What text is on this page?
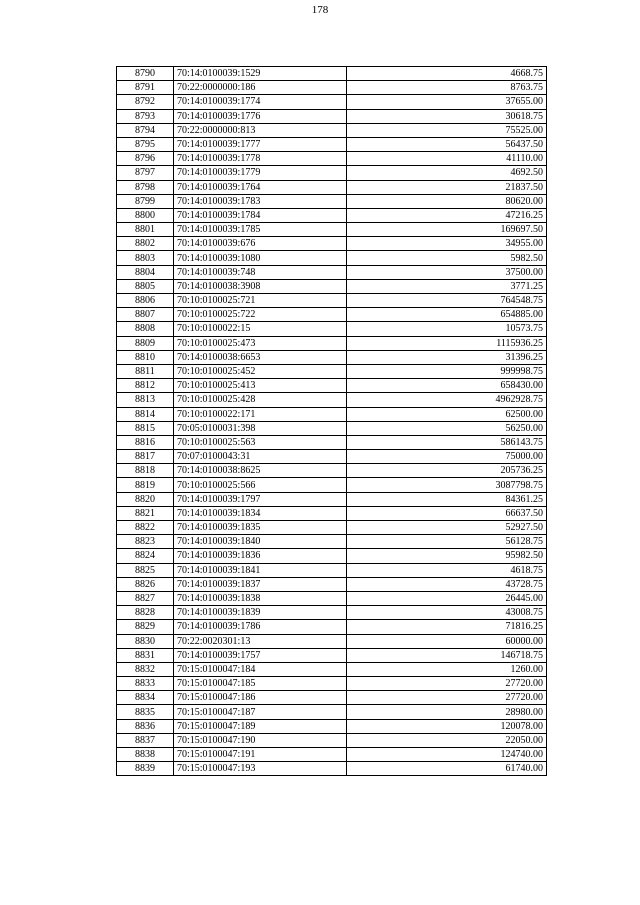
178
8790	70:14:0100039:1529	4668.75
8791	70:22:0000000:186	8763.75
8792	70:14:0100039:1774	37655.00
8793	70:14:0100039:1776	30618.75
8794	70:22:0000000:813	75525.00
8795	70:14:0100039:1777	56437.50
8796	70:14:0100039:1778	41110.00
8797	70:14:0100039:1779	4692.50
8798	70:14:0100039:1764	21837.50
8799	70:14:0100039:1783	80620.00
8800	70:14:0100039:1784	47216.25
8801	70:14:0100039:1785	169697.50
8802	70:14:0100039:676	34955.00
8803	70:14:0100039:1080	5982.50
8804	70:14:0100039:748	37500.00
8805	70:14:0100038:3908	3771.25
8806	70:10:0100025:721	764548.75
8807	70:10:0100025:722	654885.00
8808	70:10:0100022:15	10573.75
8809	70:10:0100025:473	1115936.25
8810	70:14:0100038:6653	31396.25
8811	70:10:0100025:452	999998.75
8812	70:10:0100025:413	658430.00
8813	70:10:0100025:428	4962928.75
8814	70:10:0100022:171	62500.00
8815	70:05:0100031:398	56250.00
8816	70:10:0100025:563	586143.75
8817	70:07:0100043:31	75000.00
8818	70:14:0100038:8625	205736.25
8819	70:10:0100025:566	3087798.75
8820	70:14:0100039:1797	84361.25
8821	70:14:0100039:1834	66637.50
8822	70:14:0100039:1835	52927.50
8823	70:14:0100039:1840	56128.75
8824	70:14:0100039:1836	95982.50
8825	70:14:0100039:1841	4618.75
8826	70:14:0100039:1837	43728.75
8827	70:14:0100039:1838	26445.00
8828	70:14:0100039:1839	43008.75
8829	70:14:0100039:1786	71816.25
8830	70:22:0020301:13	60000.00
8831	70:14:0100039:1757	146718.75
8832	70:15:0100047:184	1260.00
8833	70:15:0100047:185	27720.00
8834	70:15:0100047:186	27720.00
8835	70:15:0100047:187	28980.00
8836	70:15:0100047:189	120078.00
8837	70:15:0100047:190	22050.00
8838	70:15:0100047:191	124740.00
8839	70:15:0100047:193	61740.00
